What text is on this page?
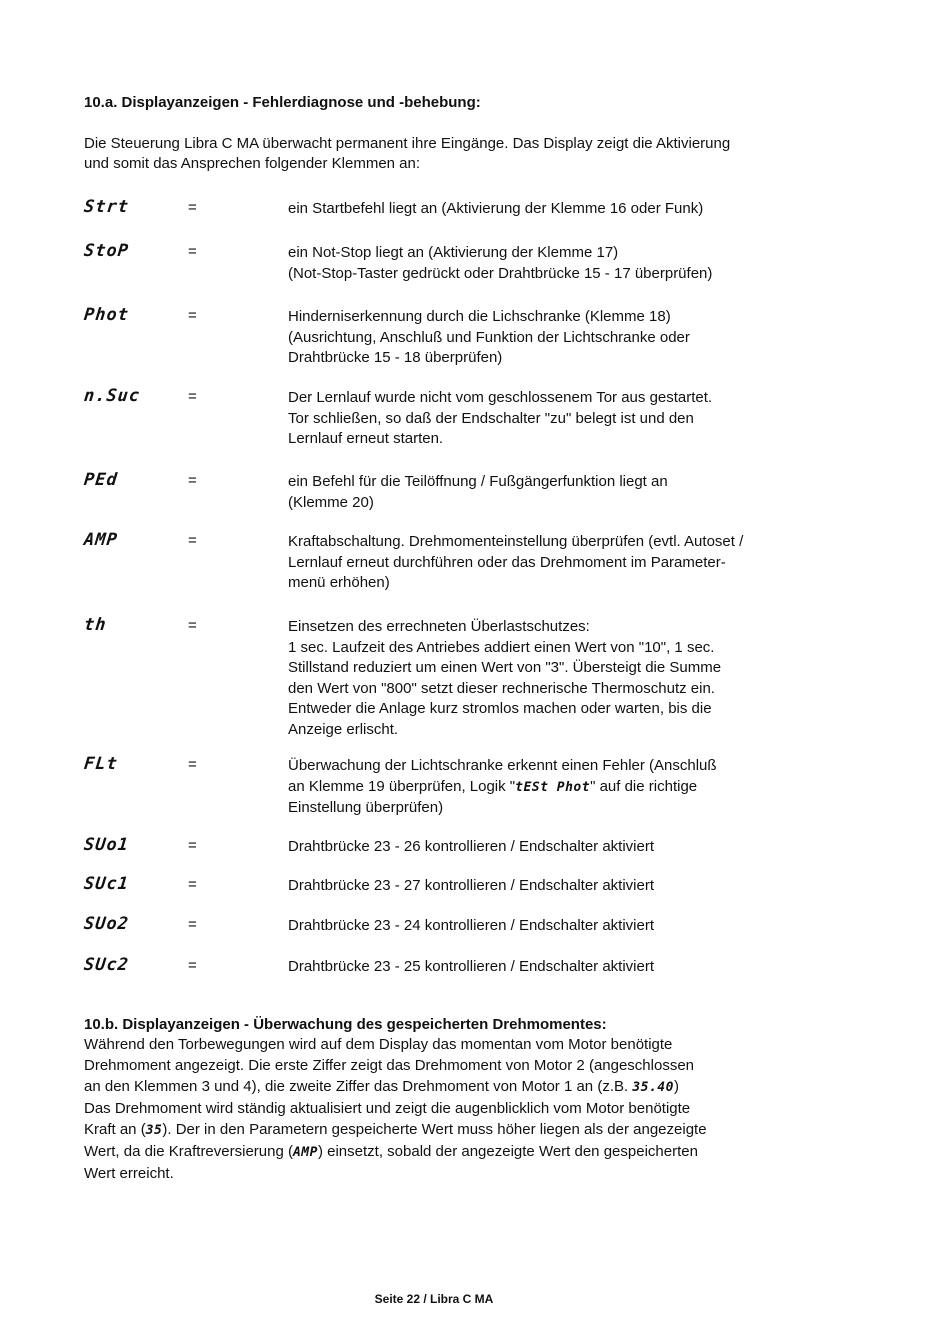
10.a. Displayanzeigen - Fehlerdiagnose und -behebung:

Die Steuerung Libra C MA überwacht permanent ihre Eingänge. Das Display zeigt die Aktivierung
und somit das Ansprechen folgender Klemmen an:

Strt	=	ein Startbefehl liegt an (Aktivierung der Klemme 16 oder Funk)
StoP	=	ein Not-Stop liegt an (Aktivierung der Klemme 17)
(Not-Stop-Taster gedrückt oder Drahtbrücke 15 - 17 überprüfen)
Phot	=	Hinderniserkennung durch die Lichschranke (Klemme 18)
(Ausrichtung, Anschluß und Funktion der Lichtschranke oder
Drahtbrücke 15 - 18 überprüfen)
n.Suc	=	Der Lernlauf wurde nicht vom geschlossenem Tor aus gestartet.
Tor schließen, so daß der Endschalter "zu" belegt ist und den
Lernlauf erneut starten.
PEd	=	ein Befehl für die Teilöffnung / Fußgängerfunktion liegt an
(Klemme 20)
AMP	=	Kraftabschaltung. Drehmomenteinstellung überprüfen (evtl. Autoset /
Lernlauf erneut durchführen oder das Drehmoment im Parameter-
menü erhöhen)
th	=	Einsetzen des errechneten Überlastschutzes:
1 sec. Laufzeit des Antriebes addiert einen Wert von "10", 1 sec.
Stillstand reduziert um einen Wert von "3". Übersteigt die Summe
den Wert von "800" setzt dieser rechnerische Thermoschutz ein.
Entweder die Anlage kurz stromlos machen oder warten, bis die
Anzeige erlischt.
FLt	=	Überwachung der Lichtschranke erkennt einen Fehler (Anschluß
an Klemme 19 überprüfen, Logik "tESt Phot" auf die richtige
Einstellung überprüfen)
SUo1	=	Drahtbrücke 23 - 26 kontrollieren / Endschalter aktiviert
SUc1	=	Drahtbrücke 23 - 27 kontrollieren / Endschalter aktiviert
SUo2	=	Drahtbrücke 23 - 24 kontrollieren / Endschalter aktiviert
SUc2	=	Drahtbrücke 23 - 25 kontrollieren / Endschalter aktiviert
10.b. Displayanzeigen - Überwachung des gespeicherten Drehmomentes:

Während den Torbewegungen wird auf dem Display das momentan vom Motor benötigte
Drehmoment angezeigt. Die erste Ziffer zeigt das Drehmoment von Motor 2 (angeschlossen
an den Klemmen 3 und 4), die zweite Ziffer das Drehmoment von Motor 1 an (z.B. 35.40)
Das Drehmoment wird ständig aktualisiert und zeigt die augenblicklich vom Motor benötigte
Kraft an (35). Der in den Parametern gespeicherte Wert muss höher liegen als der angezeigte
Wert, da die Kraftreversierung (AMP) einsetzt, sobald der angezeigte Wert den gespeicherten
Wert erreicht.

Seite 22 / Libra C MA
